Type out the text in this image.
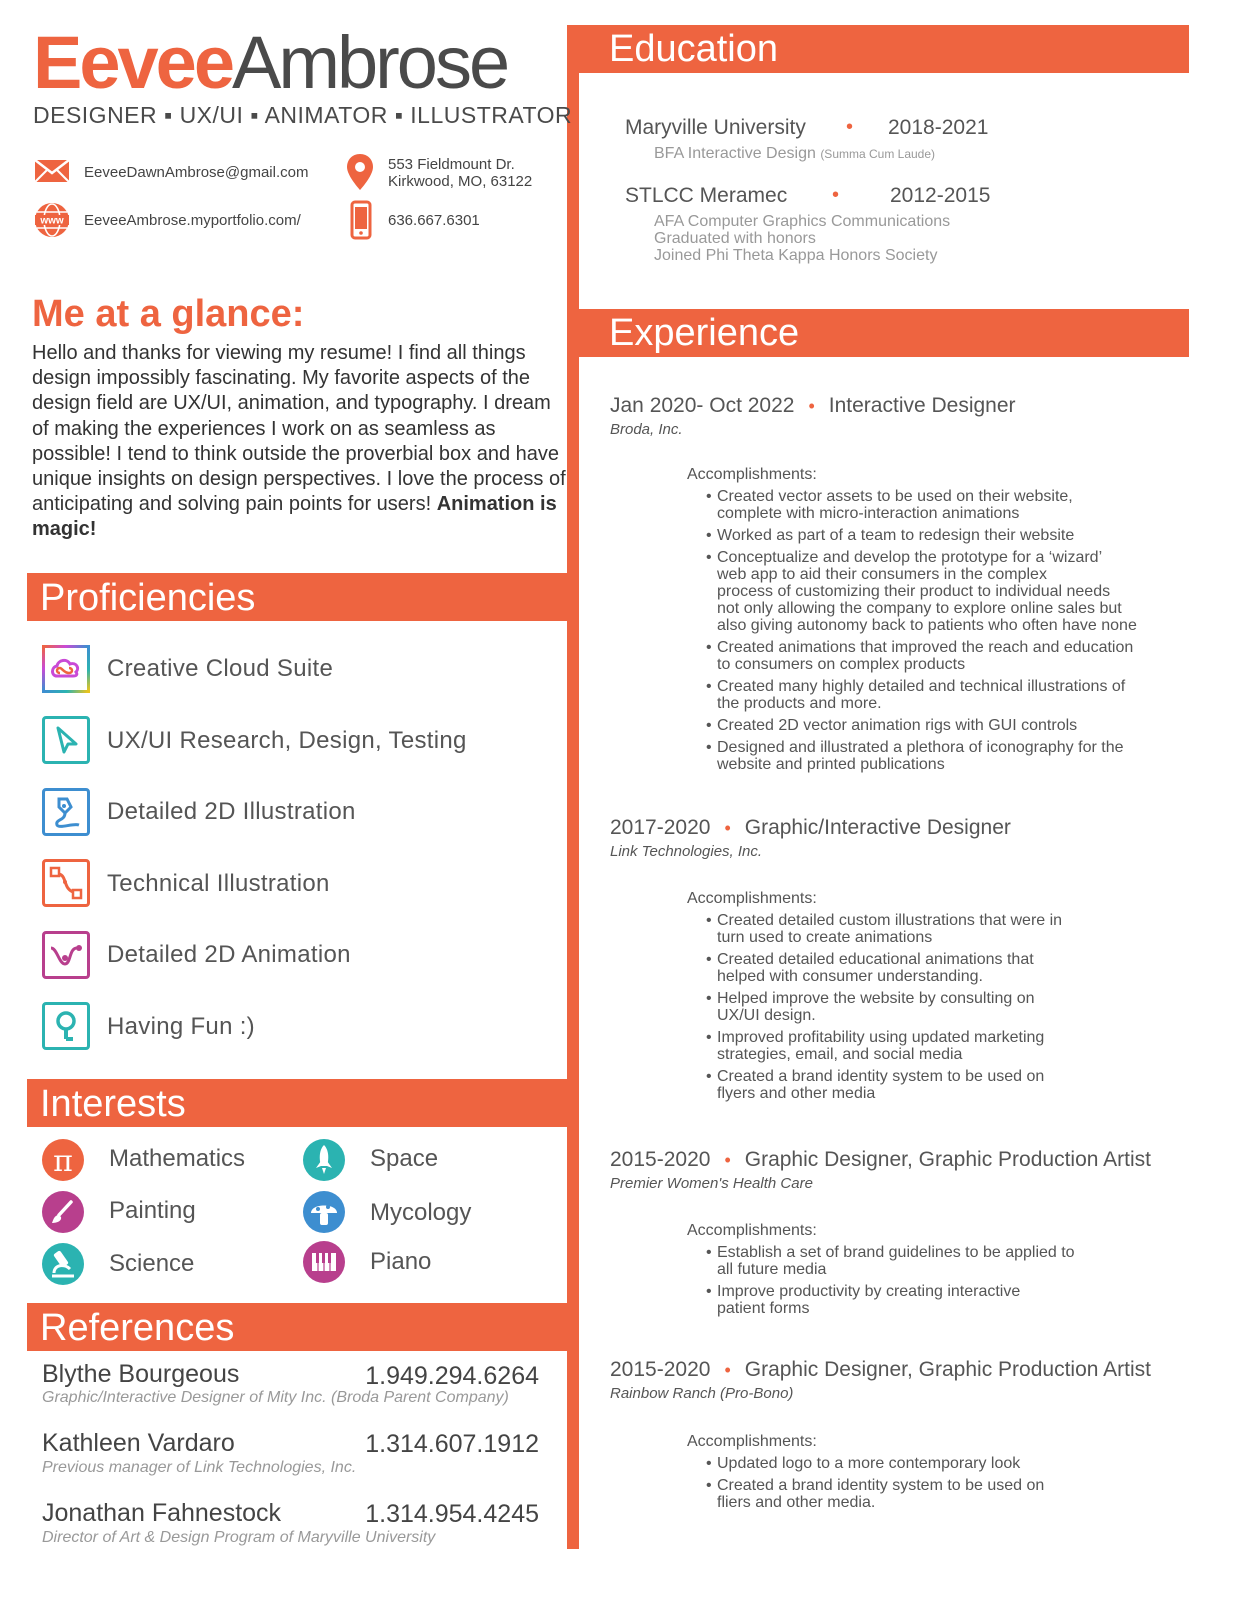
Education
Experience
Proficiencies
Interests
References
EeveeAmbrose
DESIGNER ▪ UX/UI ▪ ANIMATOR ▪ ILLUSTRATOR
EeveeDawnAmbrose@gmail.com
www EeveeAmbrose.myportfolio.com/
553 Fieldmount Dr.
Kirkwood, MO, 63122
636.667.6301
Me at a glance:
Hello and thanks for viewing my resume! I find all things design impossibly fascinating. My favorite aspects of the design field are UX/UI, animation, and typography. I dream of making the experiences I work on as seamless as possible! I tend to think outside the proverbial box and have unique insights on design perspectives. I love the process of anticipating and solving pain points for users! Animation is magic!
Creative Cloud Suite
UX/UI Research, Design, Testing
Detailed 2D Illustration
Technical Illustration
Detailed 2D Animation
Having Fun :)
π Mathematics
Painting
Science
Space
Mycology
Piano
Blythe Bourgeous	1.949.294.6264
Graphic/Interactive Designer of Mity Inc. (Broda Parent Company)
Kathleen Vardaro	1.314.607.1912
Previous manager of Link Technologies, Inc.
Jonathan Fahnestock	1.314.954.4245
Director of Art & Design Program of Maryville University
Maryville University • 2018-2021
BFA Interactive Design (Summa Cum Laude)
STLCC Meramec • 2012-2015
AFA Computer Graphics Communications
Graduated with honors
Joined Phi Theta Kappa Honors Society
Jan 2020- Oct 2022 • Interactive Designer
Broda, Inc.
Accomplishments:
• Created vector assets to be used on their website,
complete with micro-interaction animations
• Worked as part of a team to redesign their website
• Conceptualize and develop the prototype for a ‘wizard’
web app to aid their consumers in the complex
process of customizing their product to individual needs
not only allowing the company to explore online sales but
also giving autonomy back to patients who often have none
• Created animations that improved the reach and education
to consumers on complex products
• Created many highly detailed and technical illustrations of
the products and more.
• Created 2D vector animation rigs with GUI controls
• Designed and illustrated a plethora of iconography for the
website and printed publications
2017-2020 • Graphic/Interactive Designer
Link Technologies, Inc.
Accomplishments:
• Created detailed custom illustrations that were in
turn used to create animations
• Created detailed educational animations that
helped with consumer understanding.
• Helped improve the website by consulting on
UX/UI design.
• Improved profitability using updated marketing
strategies, email, and social media
• Created a brand identity system to be used on
flyers and other media
2015-2020 • Graphic Designer, Graphic Production Artist
Premier Women's Health Care
Accomplishments:
• Establish a set of brand guidelines to be applied to
all future media
• Improve productivity by creating interactive
patient forms
2015-2020 • Graphic Designer, Graphic Production Artist
Rainbow Ranch (Pro-Bono)
Accomplishments:
• Updated logo to a more contemporary look
• Created a brand identity system to be used on
fliers and other media.
